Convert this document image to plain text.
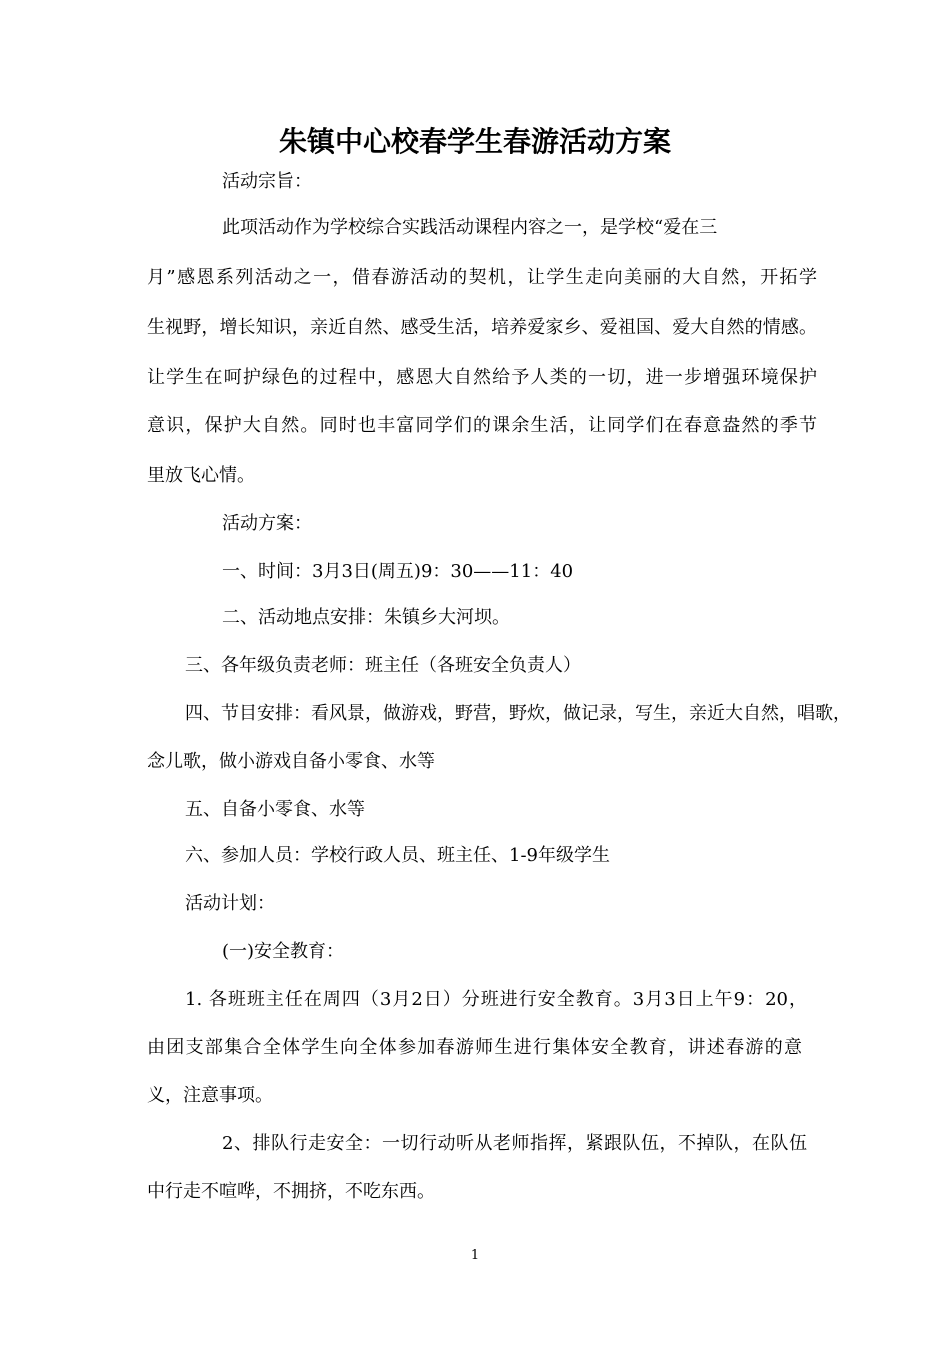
朱镇中心校春学生春游活动方案

活动宗旨：

此项活动作为学校综合实践活动课程内容之一，是学校“爱在三

月”感恩系列活动之一，借春游活动的契机，让学生走向美丽的大自然，开拓学

生视野，增长知识，亲近自然、感受生活，培养爱家乡、爱祖国、爱大自然的情感。

让学生在呵护绿色的过程中，感恩大自然给予人类的一切，进一步增强环境保护

意识，保护大自然。同时也丰富同学们的课余生活，让同学们在春意盎然的季节

里放飞心情。

活动方案：

一、时间：3月3日(周五)9：30——11：40

二、活动地点安排：朱镇乡大河坝。

三、各年级负责老师：班主任（各班安全负责人）

四、节目安排：看风景，做游戏，野营，野炊，做记录，写生，亲近大自然，唱歌，

念儿歌，做小游戏自备小零食、水等

五、自备小零食、水等

六、参加人员：学校行政人员、班主任、1-9年级学生

活动计划：

(一)安全教育：

1. 各班班主任在周四（3月2日）分班进行安全教育。3月3日上午9：20，

由团支部集合全体学生向全体参加春游师生进行集体安全教育，讲述春游的意

义，注意事项。

2、排队行走安全：一切行动听从老师指挥，紧跟队伍，不掉队，在队伍

中行走不喧哗，不拥挤，不吃东西。

1
